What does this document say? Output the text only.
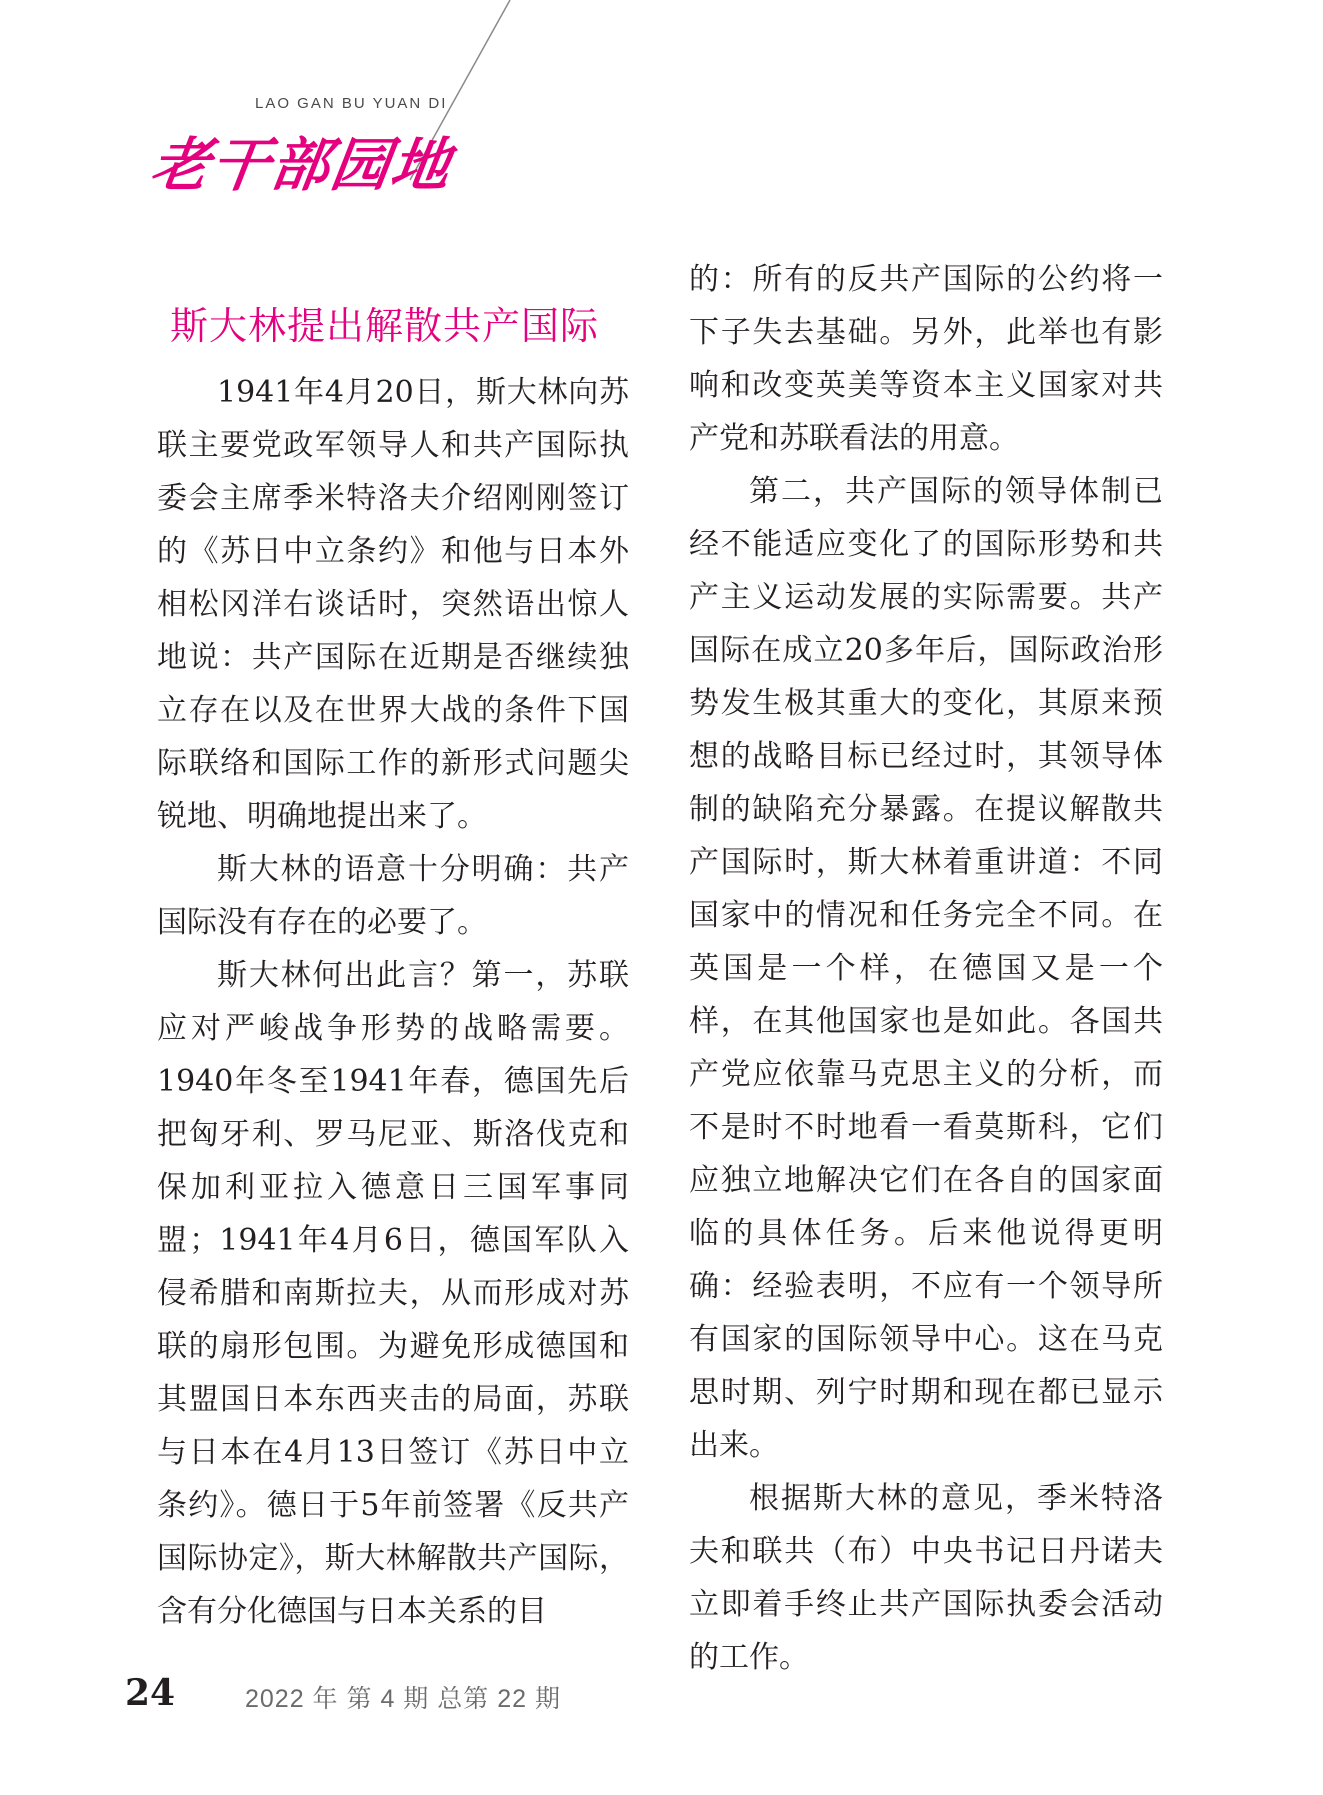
LAO GAN BU YUAN DI
老干部园地
斯大林提出解散共产国际

1941年4月20日，斯大林向苏联主要党政军领导人和共产国际执委会主席季米特洛夫介绍刚刚签订的《苏日中立条约》和他与日本外相松冈洋右谈话时，突然语出惊人地说：共产国际在近期是否继续独立存在以及在世界大战的条件下国际联络和国际工作的新形式问题尖锐地、明确地提出来了。

斯大林的语意十分明确：共产国际没有存在的必要了。

斯大林何出此言？第一，苏联应对严峻战争形势的战略需要。1940年冬至1941年春，德国先后把匈牙利、罗马尼亚、斯洛伐克和保加利亚拉入德意日三国军事同盟；1941年4月6日，德国军队入侵希腊和南斯拉夫，从而形成对苏联的扇形包围。为避免形成德国和其盟国日本东西夹击的局面，苏联与日本在4月13日签订《苏日中立条约》。德日于5年前签署《反共产国际协定》，斯大林解散共产国际，含有分化德国与日本关系的目

的：所有的反共产国际的公约将一下子失去基础。另外，此举也有影响和改变英美等资本主义国家对共产党和苏联看法的用意。

第二，共产国际的领导体制已经不能适应变化了的国际形势和共产主义运动发展的实际需要。共产国际在成立20多年后，国际政治形势发生极其重大的变化，其原来预想的战略目标已经过时，其领导体制的缺陷充分暴露。在提议解散共产国际时，斯大林着重讲道：不同国家中的情况和任务完全不同。在英国是一个样，在德国又是一个样，在其他国家也是如此。各国共产党应依靠马克思主义的分析，而不是时不时地看一看莫斯科，它们应独立地解决它们在各自的国家面临的具体任务。后来他说得更明确：经验表明，不应有一个领导所有国家的国际领导中心。这在马克思时期、列宁时期和现在都已显示出来。

根据斯大林的意见，季米特洛夫和联共（布）中央书记日丹诺夫立即着手终止共产国际执委会活动的工作。

24	2022 年 第 4 期 总第 22 期
